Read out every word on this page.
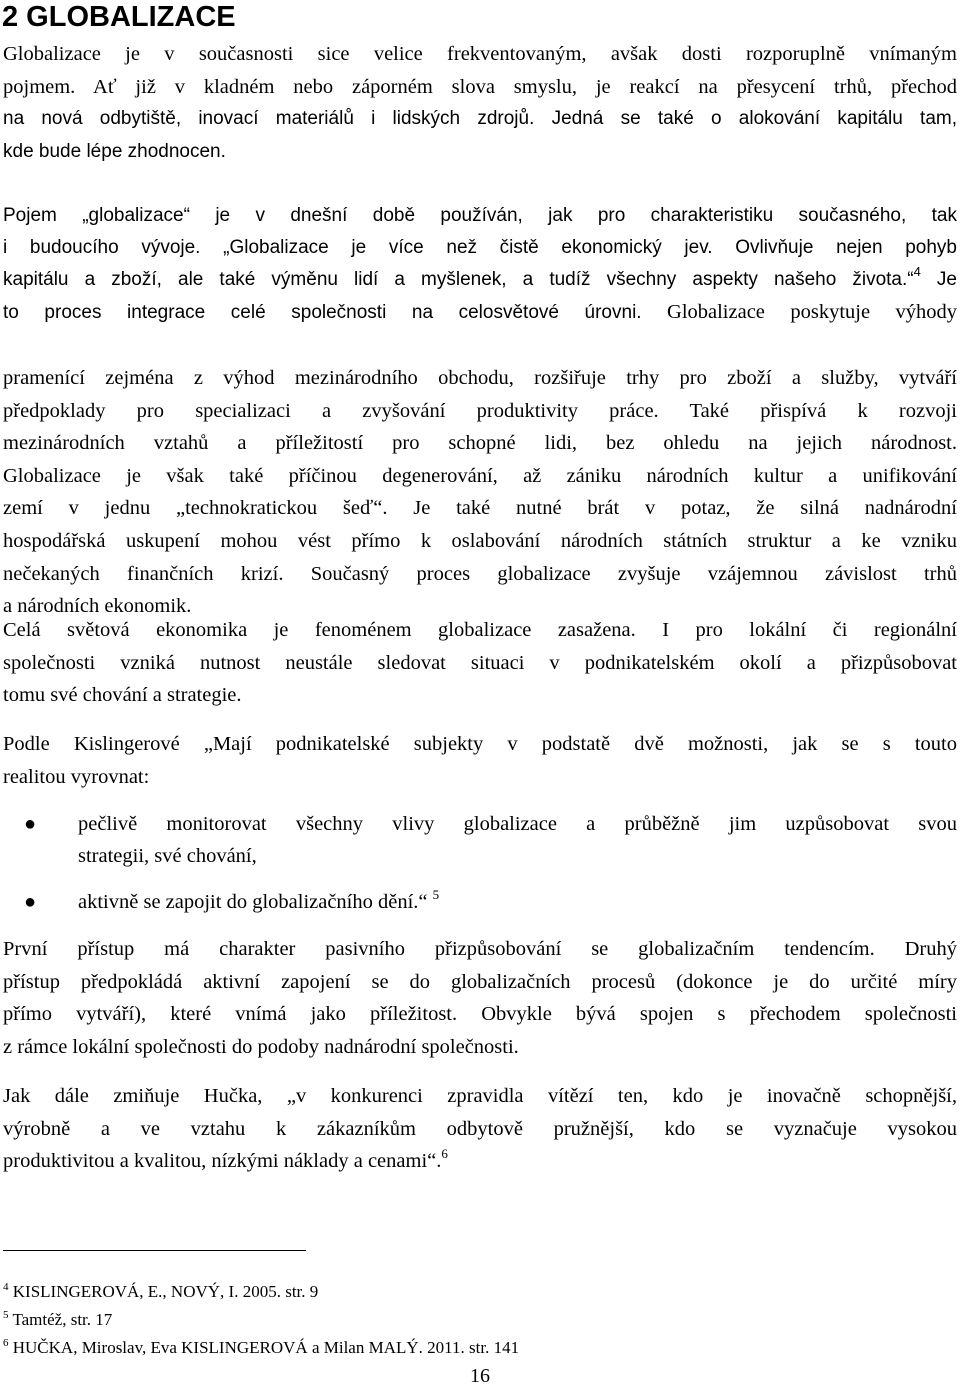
2 GLOBALIZACE
Globalizace je v současnosti sice velice frekventovaným, avšak dosti rozporuplně vnímaným
pojmem. Ať již v kladném nebo záporném slova smyslu, je reakcí na přesycení trhů, přechod
na nová odbytiště, inovací materiálů i lidských zdrojů. Jedná se také o alokování kapitálu tam,
kde bude lépe zhodnocen.
Pojem „globalizace“ je v dnešní době používán, jak pro charakteristiku současného, tak
i budoucího vývoje. „Globalizace je více než čistě ekonomický jev. Ovlivňuje nejen pohyb
kapitálu a zboží, ale také výměnu lidí a myšlenek, a tudíž všechny aspekty našeho života.“$^4$ Je
to proces integrace celé společnosti na celosvětové úrovni. Globalizace poskytuje výhody
pramenící zejména z výhod mezinárodního obchodu, rozšiřuje trhy pro zboží a služby, vytváří
předpoklady pro specializaci a zvyšování produktivity práce. Také přispívá k rozvoji
mezinárodních vztahů a příležitostí pro schopné lidi, bez ohledu na jejich národnost.
Globalizace je však také příčinou degenerování, až zániku národních kultur a unifikování
zemí v jednu „technokratickou šeď“. Je také nutné brát v potaz, že silná nadnárodní
hospodářská uskupení mohou vést přímo k oslabování národních státních struktur a ke vzniku
nečekaných finančních krizí. Současný proces globalizace zvyšuje vzájemnou závislost trhů
a národních ekonomik.
Celá světová ekonomika je fenoménem globalizace zasažena. I pro lokální či regionální
společnosti vzniká nutnost neustále sledovat situaci v podnikatelském okolí a přizpůsobovat
tomu své chování a strategie.
Podle Kislingerové „Mají podnikatelské subjekty v podstatě dvě možnosti, jak se s touto
realitou vyrovnat:
● pečlivě monitorovat všechny vlivy globalizace a průběžně jim uzpůsobovat svou
strategii, své chování,
● aktivně se zapojit do globalizačního dění.“ $^5$
První přístup má charakter pasivního přizpůsobování se globalizačním tendencím. Druhý
přístup předpokládá aktivní zapojení se do globalizačních procesů (dokonce je do určité míry
přímo vytváří), které vnímá jako příležitost. Obvykle bývá spojen s přechodem společnosti
z rámce lokální společnosti do podoby nadnárodní společnosti.
Jak dále zmiňuje Hučka, „v konkurenci zpravidla vítězí ten, kdo je inovačně schopnější,
výrobně a ve vztahu k zákazníkům odbytově pružnější, kdo se vyznačuje vysokou
produktivitou a kvalitou, nízkými náklady a cenami“.$^6$
$^4$ KISLINGEROVÁ, E., NOVÝ, I. 2005. str. 9
$^5$ Tamtéž, str. 17
$^6$ HUČKA, Miroslav, Eva KISLINGEROVÁ a Milan MALÝ. 2011. str. 141
16
